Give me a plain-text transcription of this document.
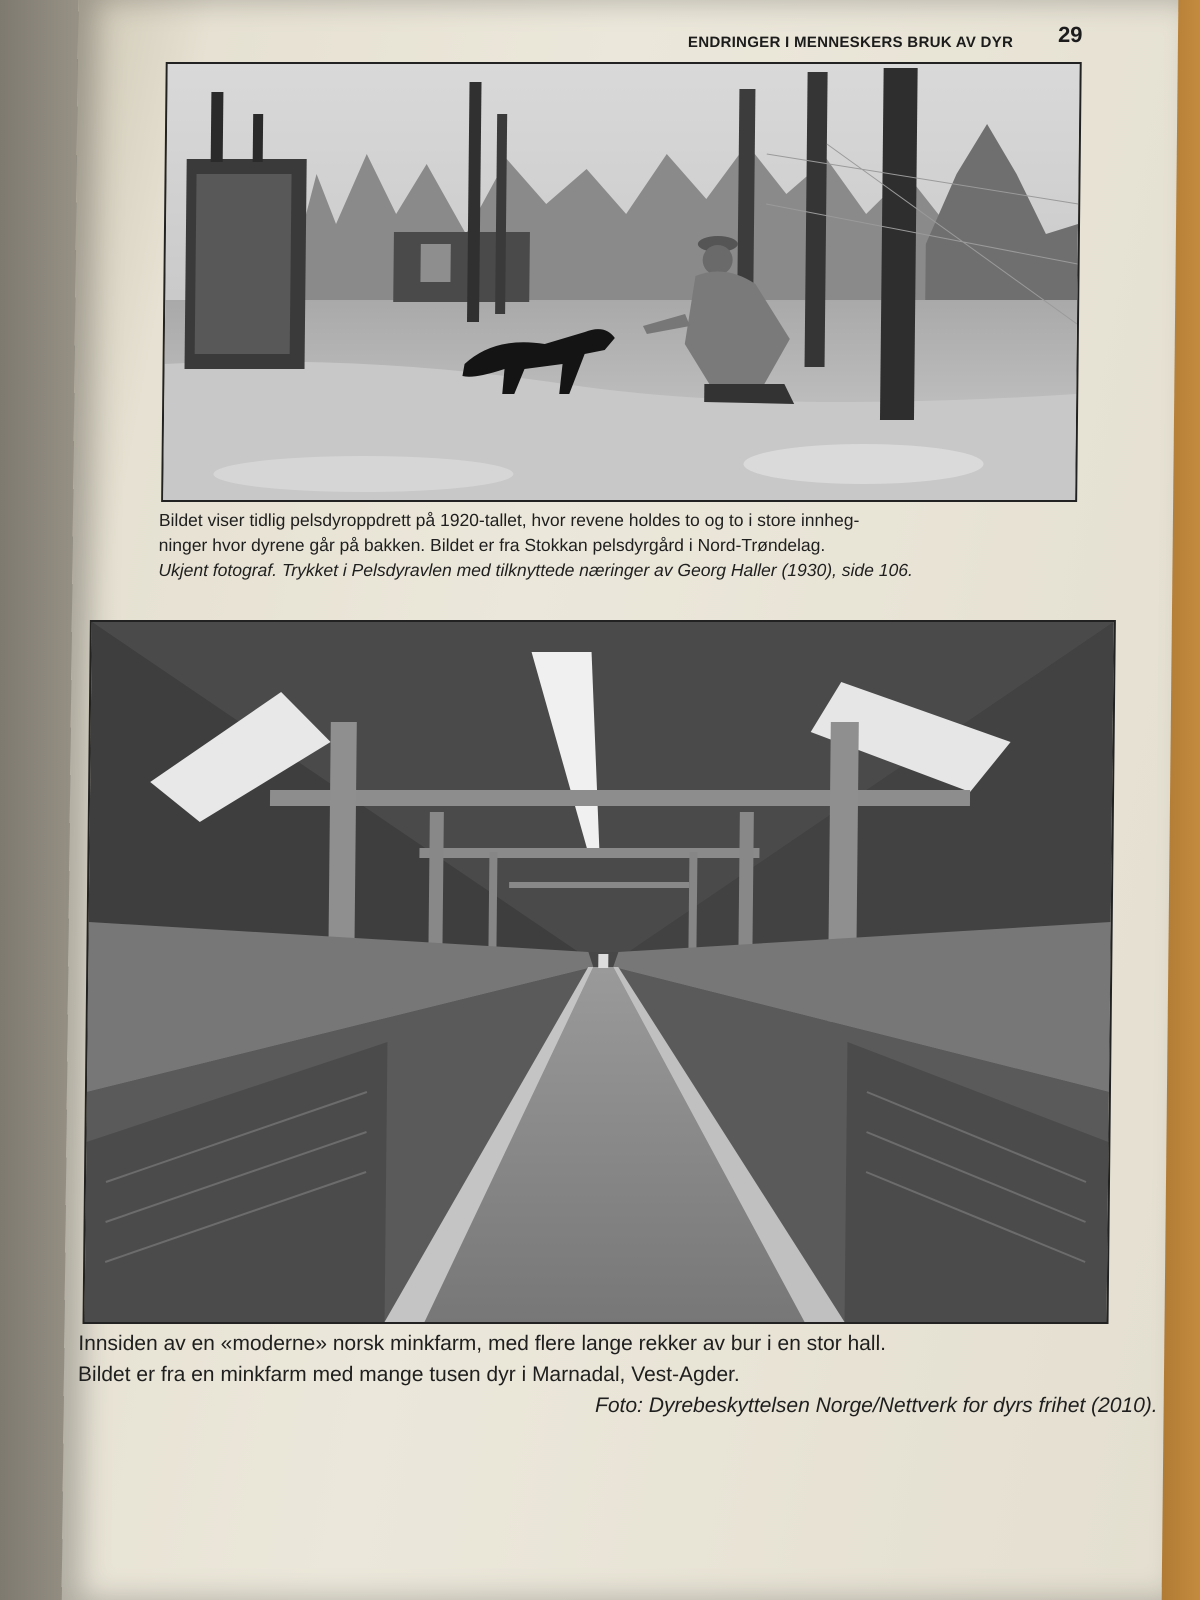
ENDRINGER I MENNESKERS BRUK AV DYR 29
Bildet viser tidlig pelsdyroppdrett på 1920-tallet, hvor revene holdes to og to i store innheg-
ninger hvor dyrene går på bakken. Bildet er fra Stokkan pelsdyrgård i Nord-Trøndelag.
Ukjent fotograf. Trykket i Pelsdyravlen med tilknyttede næringer av Georg Haller (1930), side 106.
Innsiden av en «moderne» norsk minkfarm, med flere lange rekker av bur i en stor hall.
Bildet er fra en minkfarm med mange tusen dyr i Marnadal, Vest-Agder.
Foto: Dyrebeskyttelsen Norge/Nettverk for dyrs frihet (2010).
